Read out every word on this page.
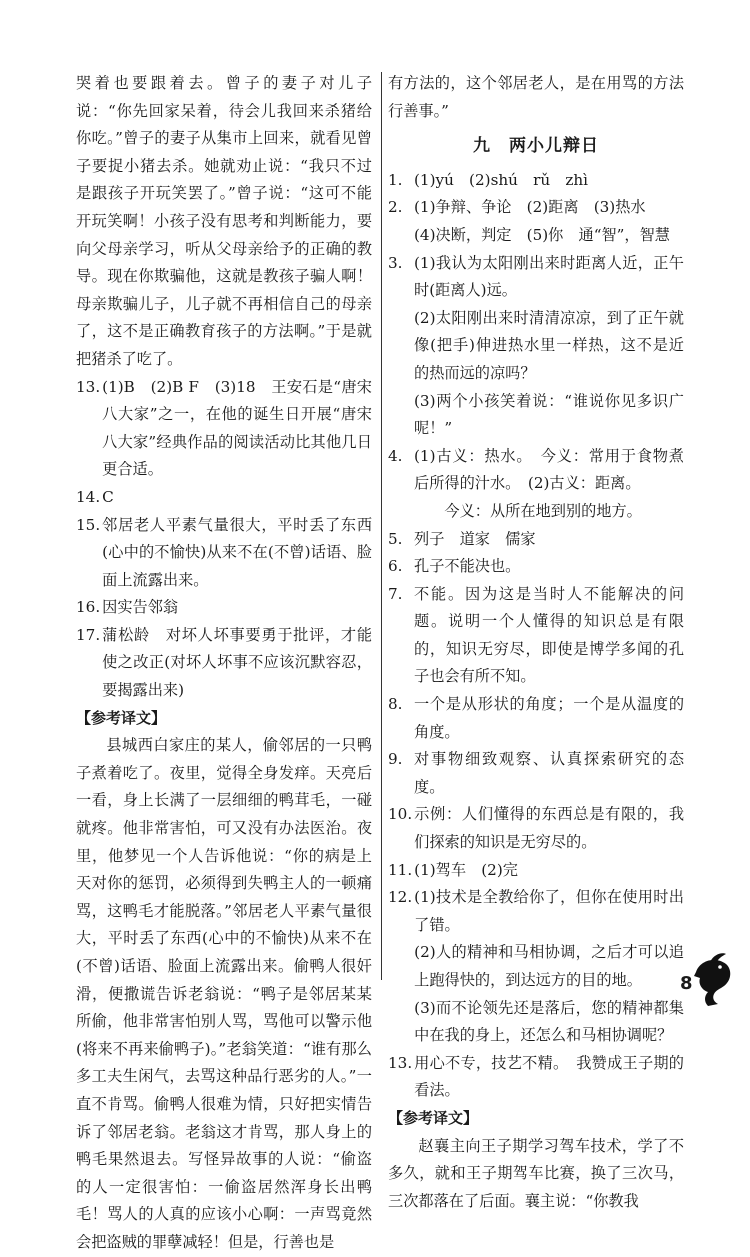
哭着也要跟着去。曾子的妻子对儿子说：“你先回家呆着，待会儿我回来杀猪给你吃。”曾子的妻子从集市上回来，就看见曾子要捉小猪去杀。她就劝止说：“我只不过是跟孩子开玩笑罢了。”曾子说：“这可不能开玩笑啊！小孩子没有思考和判断能力，要向父母亲学习，听从父母亲给予的正确的教导。现在你欺骗他，这就是教孩子骗人啊！母亲欺骗儿子，儿子就不再相信自己的母亲了，这不是正确教育孩子的方法啊。”于是就把猪杀了吃了。

13. (1)B　(2)B F　(3)18　王安石是“唐宋八大家”之一，在他的诞生日开展“唐宋八大家”经典作品的阅读活动比其他几日更合适。
14. C
15. 邻居老人平素气量很大，平时丢了东西(心中的不愉快)从来不在(不曾)话语、脸面上流露出来。
16. 因实告邻翁
17. 蒲松龄　对坏人坏事要勇于批评，才能使之改正(对坏人坏事不应该沉默容忍，要揭露出来)

【参考译文】

县城西白家庄的某人，偷邻居的一只鸭子煮着吃了。夜里，觉得全身发痒。天亮后一看，身上长满了一层细细的鸭茸毛，一碰就疼。他非常害怕，可又没有办法医治。夜里，他梦见一个人告诉他说：“你的病是上天对你的惩罚，必须得到失鸭主人的一顿痛骂，这鸭毛才能脱落。”邻居老人平素气量很大，平时丢了东西(心中的不愉快)从来不在(不曾)话语、脸面上流露出来。偷鸭人很奸滑，便撒谎告诉老翁说：“鸭子是邻居某某所偷，他非常害怕别人骂，骂他可以警示他(将来不再来偷鸭子)。”老翁笑道：“谁有那么多工夫生闲气，去骂这种品行恶劣的人。”一直不肯骂。偷鸭人很难为情，只好把实情告诉了邻居老翁。老翁这才肯骂，那人身上的鸭毛果然退去。写怪异故事的人说：“偷盗的人一定很害怕：一偷盗居然浑身长出鸭毛！骂人的人真的应该小心啊：一声骂竟然会把盗贼的罪孽减轻！但是，行善也是

有方法的，这个邻居老人，是在用骂的方法行善事。”

九　两小儿辩日

1. (1)yú　(2)shú　rǔ　zhì
2. (1)争辩、争论　(2)距离　(3)热水
(4)决断，判定　(5)你　通“智”，智慧
3. (1)我认为太阳刚出来时距离人近，正午时(距离人)远。
(2)太阳刚出来时清清凉凉，到了正午就像(把手)伸进热水里一样热，这不是近的热而远的凉吗？
(3)两个小孩笑着说：“谁说你见多识广呢！”
4. (1)古义：热水。　今义：常用于食物煮后所得的汁水。　(2)古义：距离。
今义：从所在地到别的地方。
5. 列子　道家　儒家
6. 孔子不能决也。
7. 不能。因为这是当时人不能解决的问题。说明一个人懂得的知识总是有限的，知识无穷尽，即使是博学多闻的孔子也会有所不知。
8. 一个是从形状的角度；一个是从温度的角度。
9. 对事物细致观察、认真探索研究的态度。
10. 示例：人们懂得的东西总是有限的，我们探索的知识是无穷尽的。
11. (1)驾车　(2)完
12. (1)技术是全教给你了，但你在使用时出了错。
(2)人的精神和马相协调，之后才可以追上跑得快的，到达远方的目的地。
(3)而不论领先还是落后，您的精神都集中在我的身上，还怎么和马相协调呢？
13. 用心不专，技艺不精。　我赞成王子期的看法。

【参考译文】

赵襄主向王子期学习驾车技术，学了不多久，就和王子期驾车比赛，换了三次马，三次都落在了后面。襄主说：“你教我

8
